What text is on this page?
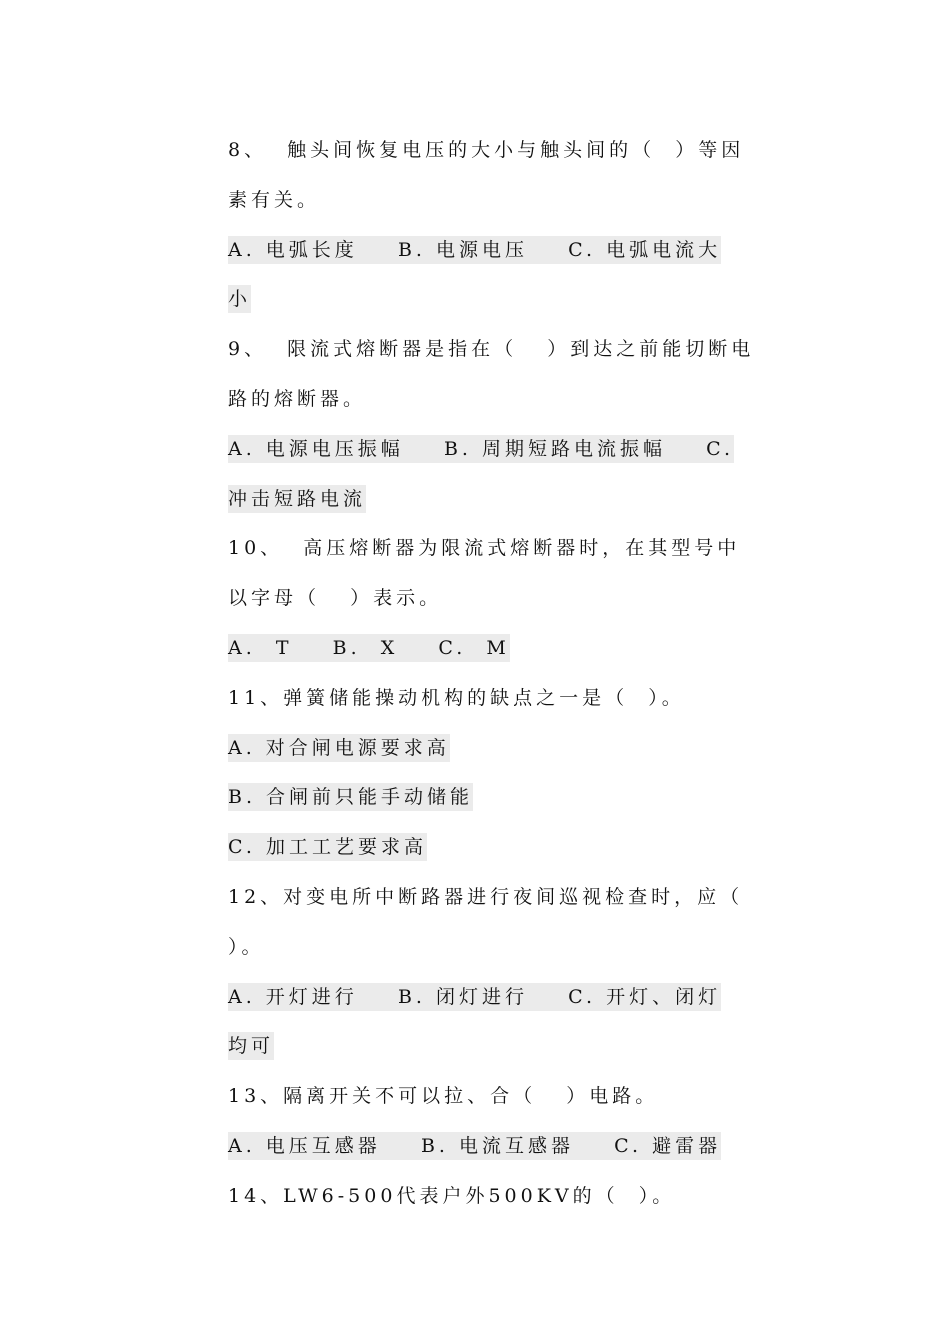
8、  触头间恢复电压的大小与触头间的（  ）等因
素有关。
A. 电弧长度    B. 电源电压    C. 电弧电流大
小
9、  限流式熔断器是指在（   ）到达之前能切断电
路的熔断器。
A. 电源电压振幅    B. 周期短路电流振幅    C.
冲击短路电流
10、  高压熔断器为限流式熔断器时，在其型号中
以字母（   ）表示。
A.  T    B.  X    C.  M
11、弹簧储能操动机构的缺点之一是（  ）。
A. 对合闸电源要求高
B. 合闸前只能手动储能
C. 加工工艺要求高
12、对变电所中断路器进行夜间巡视检查时，应（
）。
A. 开灯进行    B. 闭灯进行    C. 开灯、闭灯
均可
13、隔离开关不可以拉、合（   ）电路。
A. 电压互感器    B. 电流互感器    C. 避雷器
14、LW6-500代表户外500KV的（  ）。
